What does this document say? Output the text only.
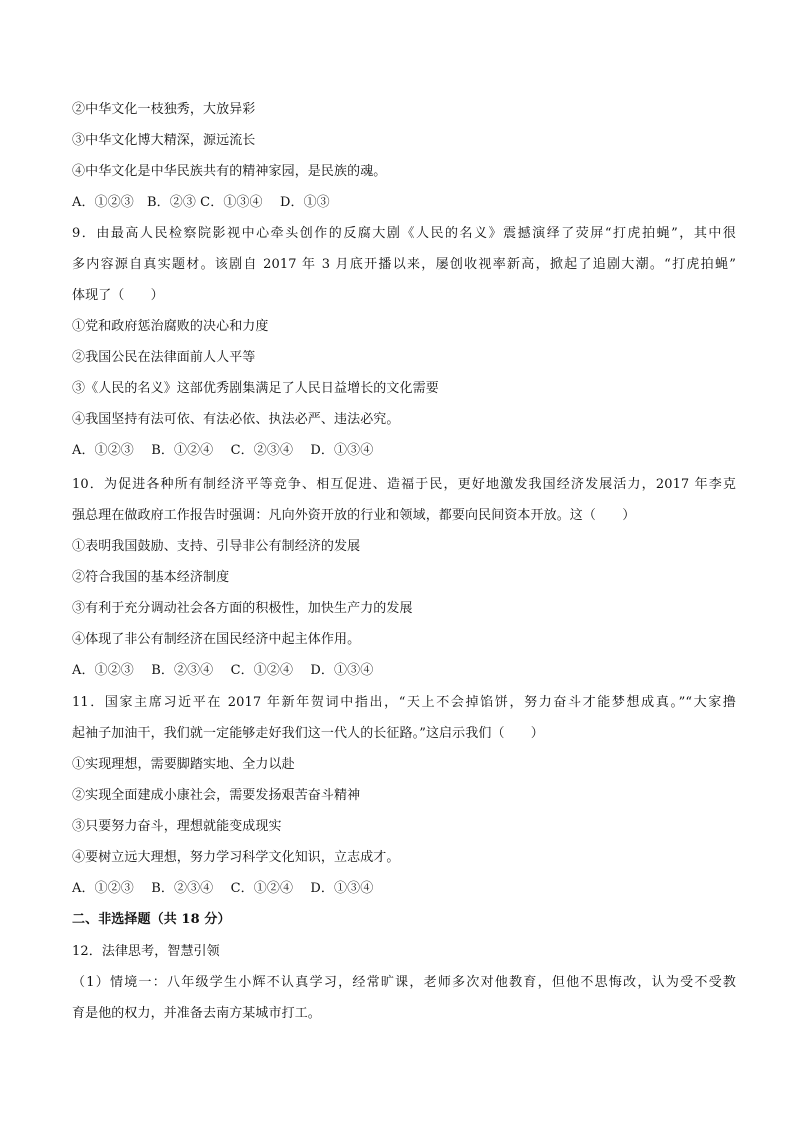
②中华文化一枝独秀，大放异彩
③中华文化博大精深，源远流长
④中华文化是中华民族共有的精神家园，是民族的魂。
A．①②③　B．②③ C．①③④　 D．①③
9．由最高人民检察院影视中心牵头创作的反腐大剧《人民的名义》震撼演绎了荧屏“打虎拍蝇”，其中很
多内容源自真实题材。该剧自 2017 年 3 月底开播以来，屡创收视率新高，掀起了追剧大潮。“打虎拍蝇”
体现了（　　）
①党和政府惩治腐败的决心和力度
②我国公民在法律面前人人平等
③《人民的名义》这部优秀剧集满足了人民日益增长的文化需要
④我国坚持有法可依、有法必依、执法必严、违法必究。
A．①②③　 B．①②④　 C．②③④　 D．①③④
10．为促进各种所有制经济平等竞争、相互促进、造福于民，更好地激发我国经济发展活力，2017 年李克
强总理在做政府工作报告时强调：凡向外资开放的行业和领域，都要向民间资本开放。这（　　）
①表明我国鼓励、支持、引导非公有制经济的发展
②符合我国的基本经济制度
③有利于充分调动社会各方面的积极性，加快生产力的发展
④体现了非公有制经济在国民经济中起主体作用。
A．①②③　 B．②③④　 C．①②④　 D．①③④
11．国家主席习近平在 2017 年新年贺词中指出，“天上不会掉馅饼，努力奋斗才能梦想成真。”“大家撸
起袖子加油干，我们就一定能够走好我们这一代人的长征路。”这启示我们（　　）
①实现理想，需要脚踏实地、全力以赴
②实现全面建成小康社会，需要发扬艰苦奋斗精神
③只要努力奋斗，理想就能变成现实
④要树立远大理想，努力学习科学文化知识，立志成才。
A．①②③　 B．②③④　 C．①②④　 D．①③④
二、非选择题（共 18 分）
12．法律思考，智慧引领
（1）情境一：八年级学生小辉不认真学习，经常旷课，老师多次对他教育，但他不思悔改，认为受不受教
育是他的权力，并准备去南方某城市打工。
